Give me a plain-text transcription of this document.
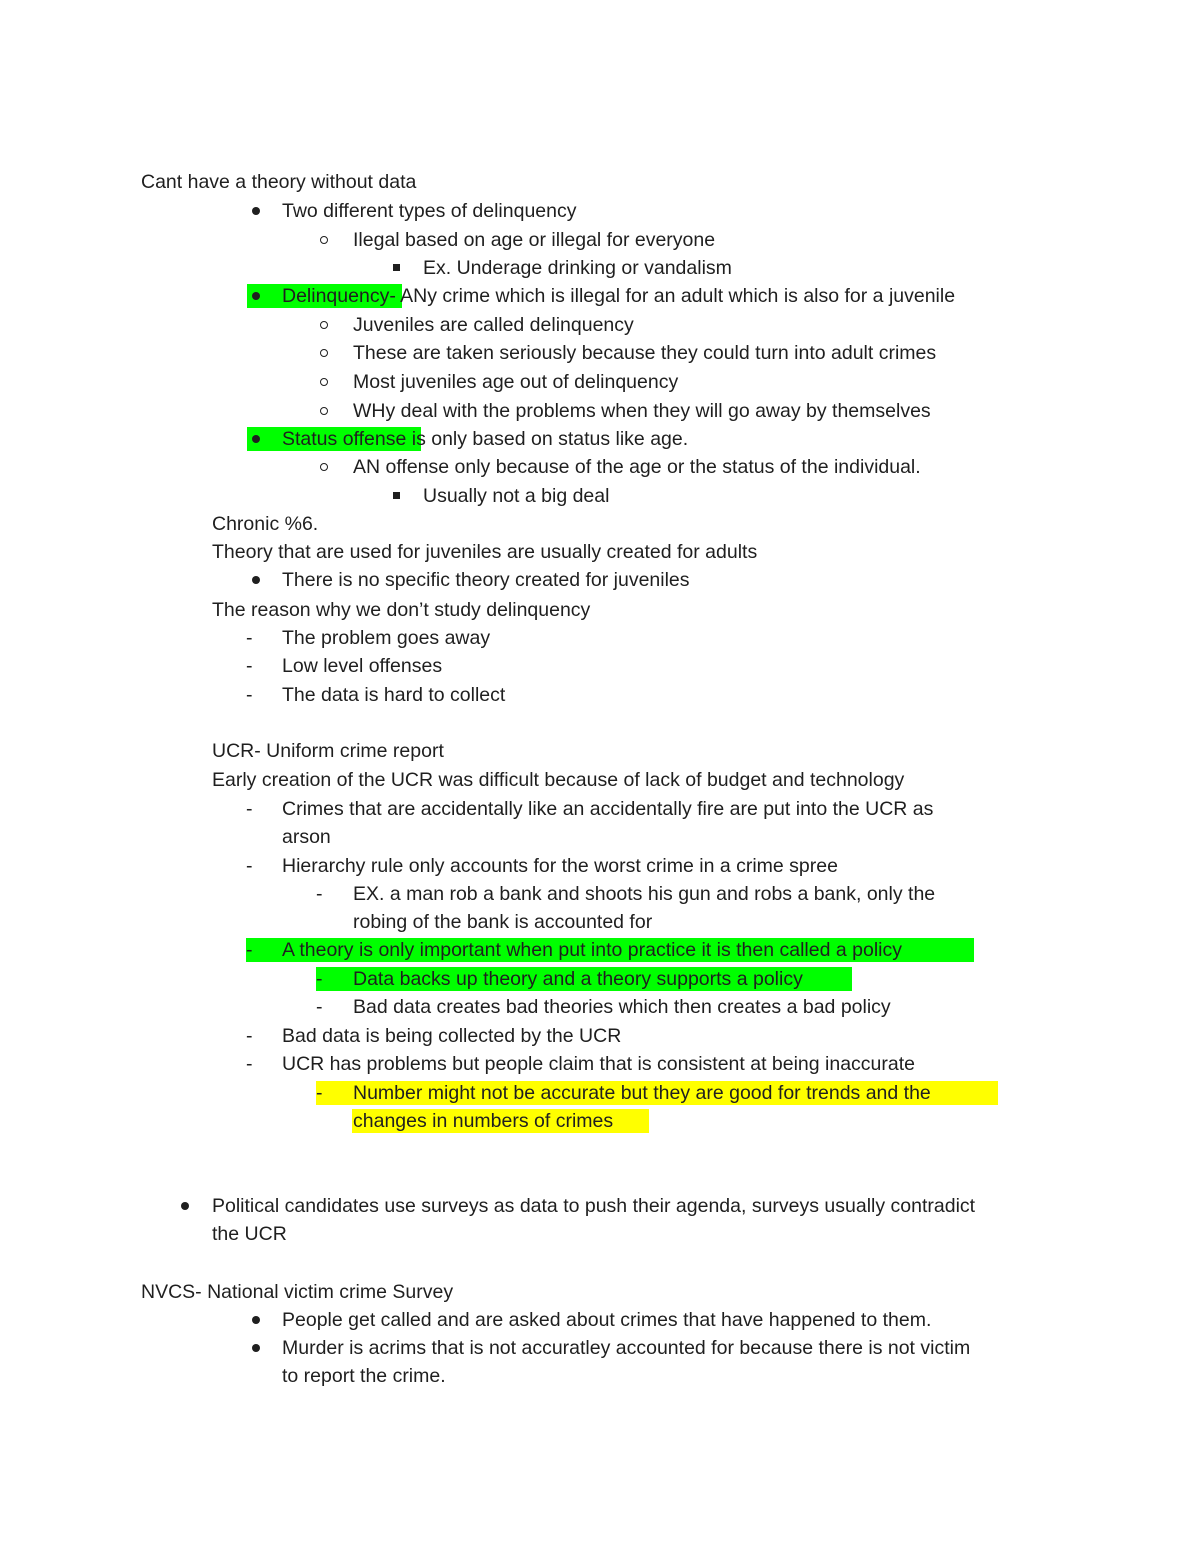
Cant have a theory without data
Two different types of delinquency
Ilegal based on age or illegal for everyone
Ex. Underage drinking or vandalism
Delinquency- ANy crime which is illegal for an adult which is also for a juvenile
Juveniles are called delinquency
These are taken seriously because they could turn into adult crimes
Most juveniles age out of delinquency
WHy deal with the problems when they will go away by themselves
Status offense is only based on status like age.
AN offense only because of the age or the status of the individual.
Usually not a big deal
Chronic %6.
Theory that are used for juveniles are usually created for adults
There is no specific theory created for juveniles
The reason why we don’t study delinquency
-	The problem goes away
-	Low level offenses
-	The data is hard to collect
UCR- Uniform crime report
Early creation of the UCR was difficult because of lack of budget and technology
-	Crimes that are accidentally like an accidentally fire are put into the UCR as
arson
-	Hierarchy rule only accounts for the worst crime in a crime spree
-	EX. a man rob a bank and shoots his gun and robs a bank, only the
robing of the bank is accounted for
-	A theory is only important when put into practice it is then called a policy
-	Data backs up theory and a theory supports a policy
-	Bad data creates bad theories which then creates a bad policy
-	Bad data is being collected by the UCR
-	UCR has problems but people claim that is consistent at being inaccurate
-	Number might not be accurate but they are good for trends and the
changes in numbers of crimes
Political candidates use surveys as data to push their agenda, surveys usually contradict
the UCR
NVCS- National victim crime Survey
People get called and are asked about crimes that have happened to them.
Murder is acrims that is not accuratley accounted for because there is not victim
to report the crime.
